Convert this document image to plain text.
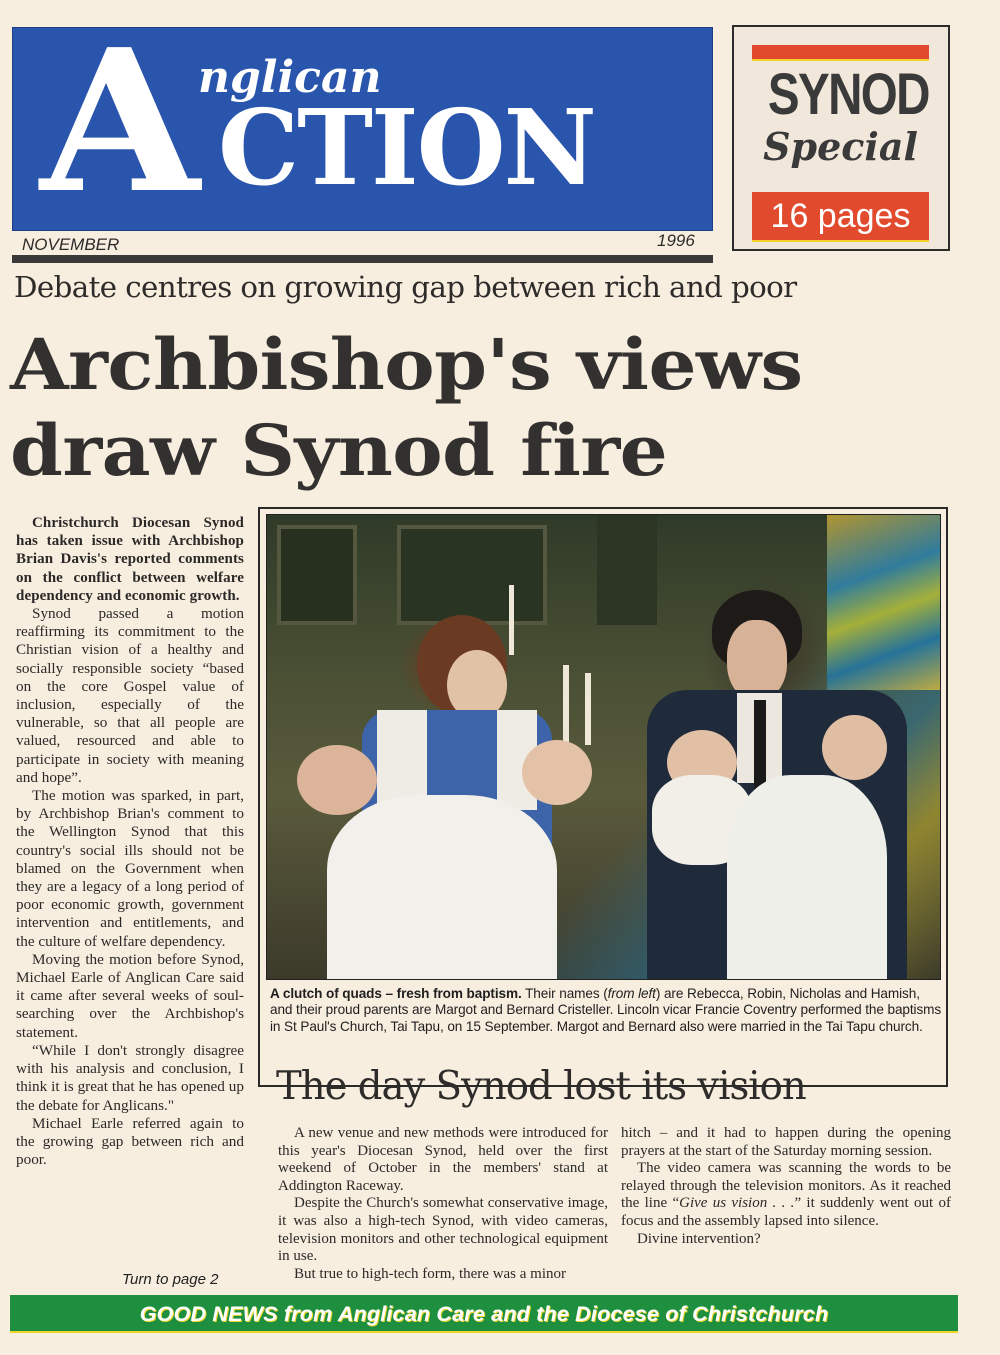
A
nglican
CTION
NOVEMBER	1996
SYNOD
Special
16 pages
Debate centres on growing gap between rich and poor
Archbishop's views
draw Synod fire

Christchurch Diocesan Synod has taken issue with Archbishop Brian Davis's reported comments on the conflict between welfare dependency and economic growth.

Synod passed a motion reaffirming its commitment to the Christian vision of a healthy and socially responsible society “based on the core Gospel value of inclusion, especially of the vulnerable, so that all people are valued, resourced and able to participate in society with meaning and hope”.

The motion was sparked, in part, by Archbishop Brian's comment to the Wellington Synod that this country's social ills should not be blamed on the Government when they are a legacy of a long period of poor economic growth, government intervention and entitlements, and the culture of welfare dependency.

Moving the motion before Synod, Michael Earle of Anglican Care said it came after several weeks of soul-searching over the Archbishop's statement.

“While I don't strongly disagree with his analysis and conclusion, I think it is great that he has opened up the debate for Anglicans."

Michael Earle referred again to the growing gap between rich and poor.

Turn to page 2
A clutch of quads – fresh from baptism. Their names (from left) are Rebecca, Robin, Nicholas and Hamish, and their proud parents are Margot and Bernard Cristeller. Lincoln vicar Francie Coventry performed the baptisms in St Paul's Church, Tai Tapu, on 15 September. Margot and Bernard also were married in the Tai Tapu church.
The day Synod lost its vision

A new venue and new methods were introduced for this year's Diocesan Synod, held over the first weekend of October in the members' stand at Addington Raceway.

Despite the Church's somewhat conservative image, it was also a high-tech Synod, with video cameras, television monitors and other technological equipment in use.

But true to high-tech form, there was a minor

hitch – and it had to happen during the opening prayers at the start of the Saturday morning session.

The video camera was scanning the words to be relayed through the television monitors. As it reached the line “Give us vision . . .” it suddenly went out of focus and the assembly lapsed into silence.

Divine intervention?

GOOD NEWS from Anglican Care and the Diocese of Christchurch
